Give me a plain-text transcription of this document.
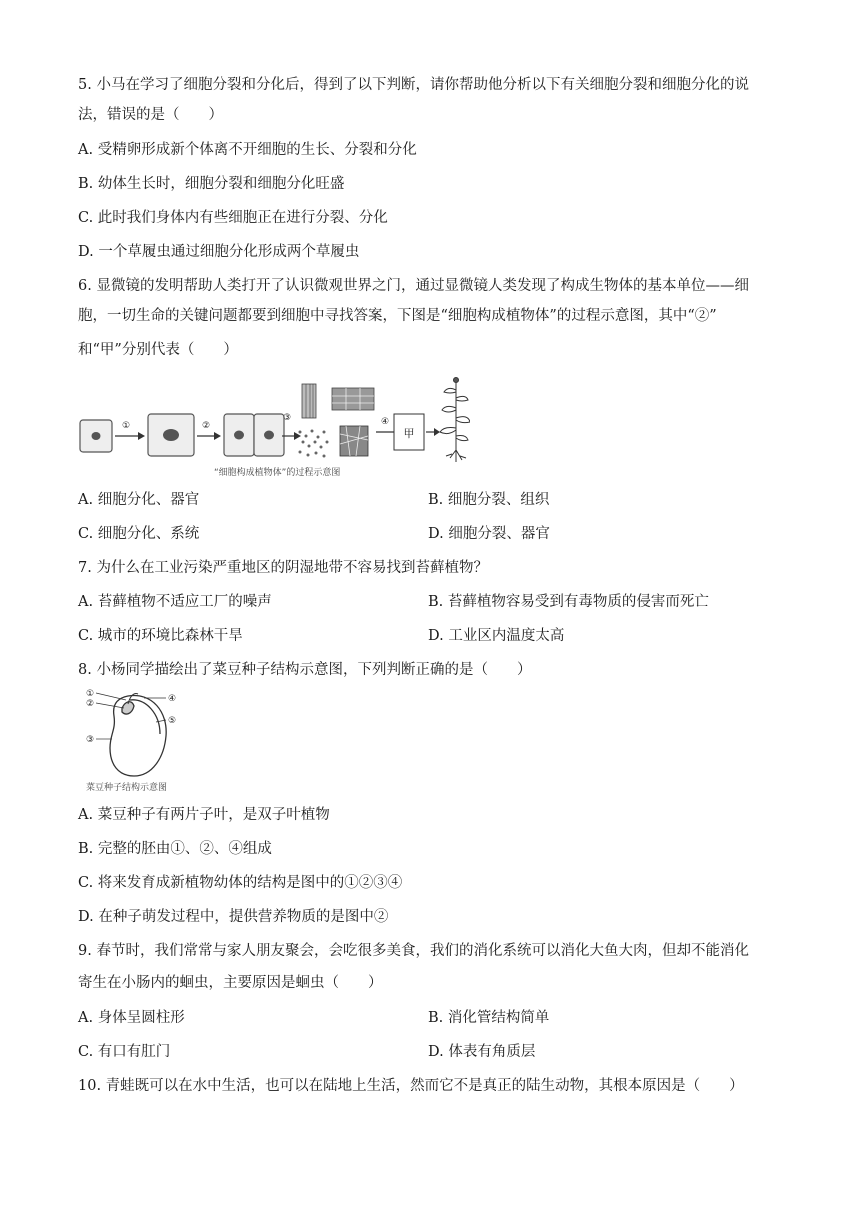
5. 小马在学习了细胞分裂和分化后，得到了以下判断，请你帮助他分析以下有关细胞分裂和细胞分化的说
法，错误的是（　　）
A. 受精卵形成新个体离不开细胞的生长、分裂和分化
B. 幼体生长时，细胞分裂和细胞分化旺盛
C. 此时我们身体内有些细胞正在进行分裂、分化
D. 一个草履虫通过细胞分化形成两个草履虫
6. 显微镜的发明帮助人类打开了认识微观世界之门，通过显微镜人类发现了构成生物体的基本单位——细
胞，一切生命的关键问题都要到细胞中寻找答案，下图是“细胞构成植物体”的过程示意图，其中“②”
和“甲”分别代表（　　）
①	②
③	④
甲
“细胞构成植物体”的过程示意图
A. 细胞分化、器官	B. 细胞分裂、组织
C. 细胞分化、系统	D. 细胞分裂、器官
7. 为什么在工业污染严重地区的阴湿地带不容易找到苔藓植物？
A. 苔藓植物不适应工厂的噪声	B. 苔藓植物容易受到有毒物质的侵害而死亡
C. 城市的环境比森林干旱	D. 工业区内温度太高
8. 小杨同学描绘出了菜豆种子结构示意图，下列判断正确的是（　　）
①
②
③
④
⑤
菜豆种子结构示意图
A. 菜豆种子有两片子叶，是双子叶植物
B. 完整的胚由①、②、④组成
C. 将来发育成新植物幼体的结构是图中的①②③④
D. 在种子萌发过程中，提供营养物质的是图中②
9. 春节时，我们常常与家人朋友聚会，会吃很多美食，我们的消化系统可以消化大鱼大肉，但却不能消化
寄生在小肠内的蛔虫，主要原因是蛔虫（　　）
A. 身体呈圆柱形	B. 消化管结构简单
C. 有口有肛门	D. 体表有角质层
10. 青蛙既可以在水中生活，也可以在陆地上生活，然而它不是真正的陆生动物，其根本原因是（　　）
